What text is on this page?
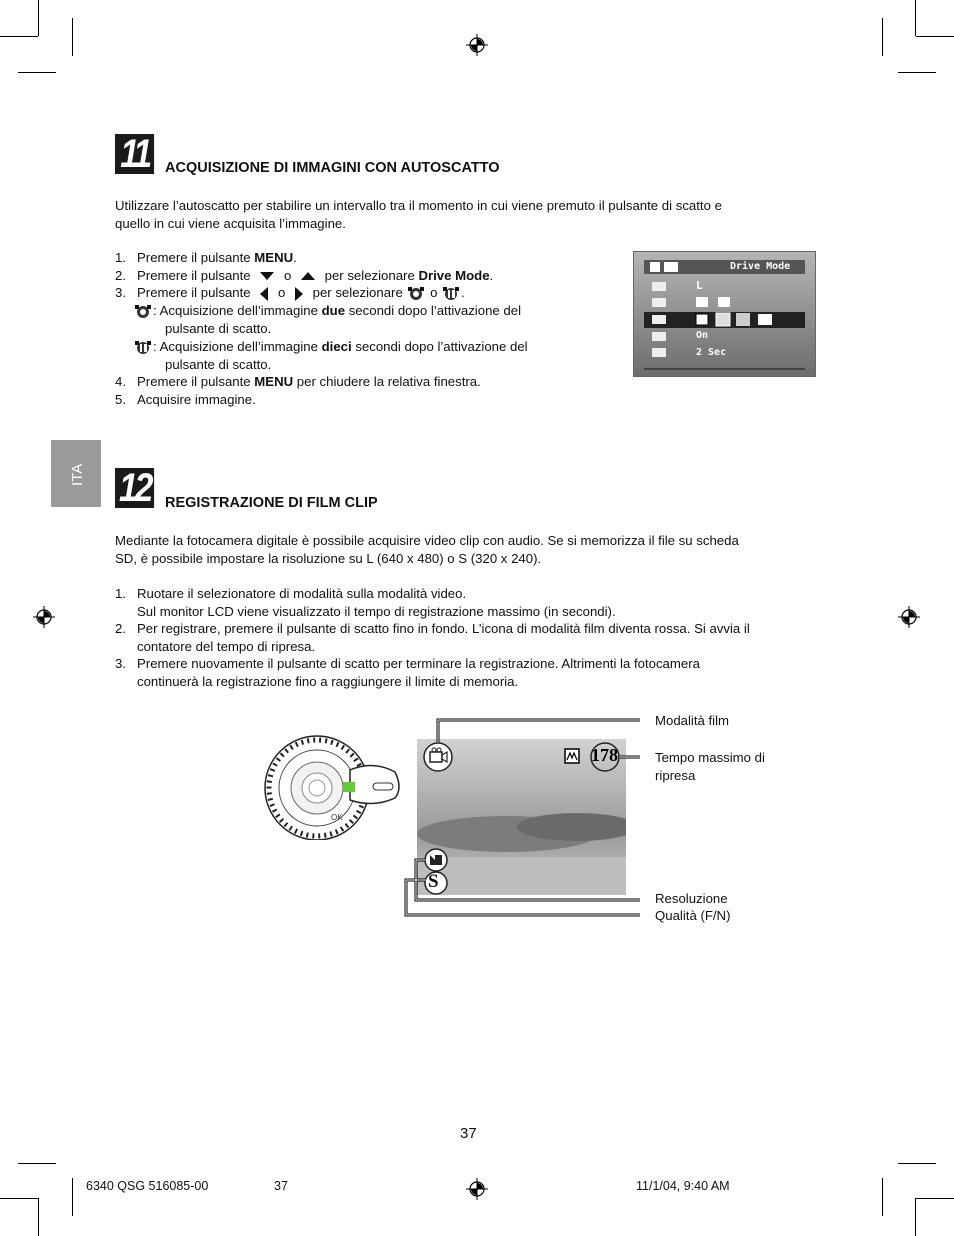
11	ACQUISIZIONE DI IMMAGINI CON AUTOSCATTO
Utilizzare l’autoscatto per stabilire un intervallo tra il momento in cui viene premuto il pulsante di scatto e
quello in cui viene acquisita l’immagine.
1. Premere il pulsante MENU.
2. Premere il pulsante  o  per selezionare Drive Mode.
3. Premere il pulsante  o  per selezionare  o .
: Acquisizione dell’immagine due secondi dopo l’attivazione del
pulsante di scatto.
: Acquisizione dell’immagine dieci secondi dopo l’attivazione del
pulsante di scatto.
4. Premere il pulsante MENU per chiudere la relativa finestra.
5. Acquisire immagine.
Drive Mode
L
On
2 Sec
ITA 12 REGISTRAZIONE DI FILM CLIP
Mediante la fotocamera digitale è possibile acquisire video clip con audio. Se si memorizza il file su scheda
SD, è possibile impostare la risoluzione su L (640 x 480) o S (320 x 240).
1. Ruotare il selezionatore di modalità sulla modalità video.
Sul monitor LCD viene visualizzato il tempo di registrazione massimo (in secondi).
2. Per registrare, premere il pulsante di scatto fino in fondo. L’icona di modalità film diventa rossa. Si avvia il
contatore del tempo di ripresa.
3. Premere nuovamente il pulsante di scatto per terminare la registrazione. Altrimenti la fotocamera
continuerà la registrazione fino a raggiungere il limite di memoria.
OK
178
S
Modalità film
Tempo massimo di
ripresa
Resoluzione
Qualità (F/N)
37
6340 QSG 516085-00	37	11/1/04, 9:40 AM
